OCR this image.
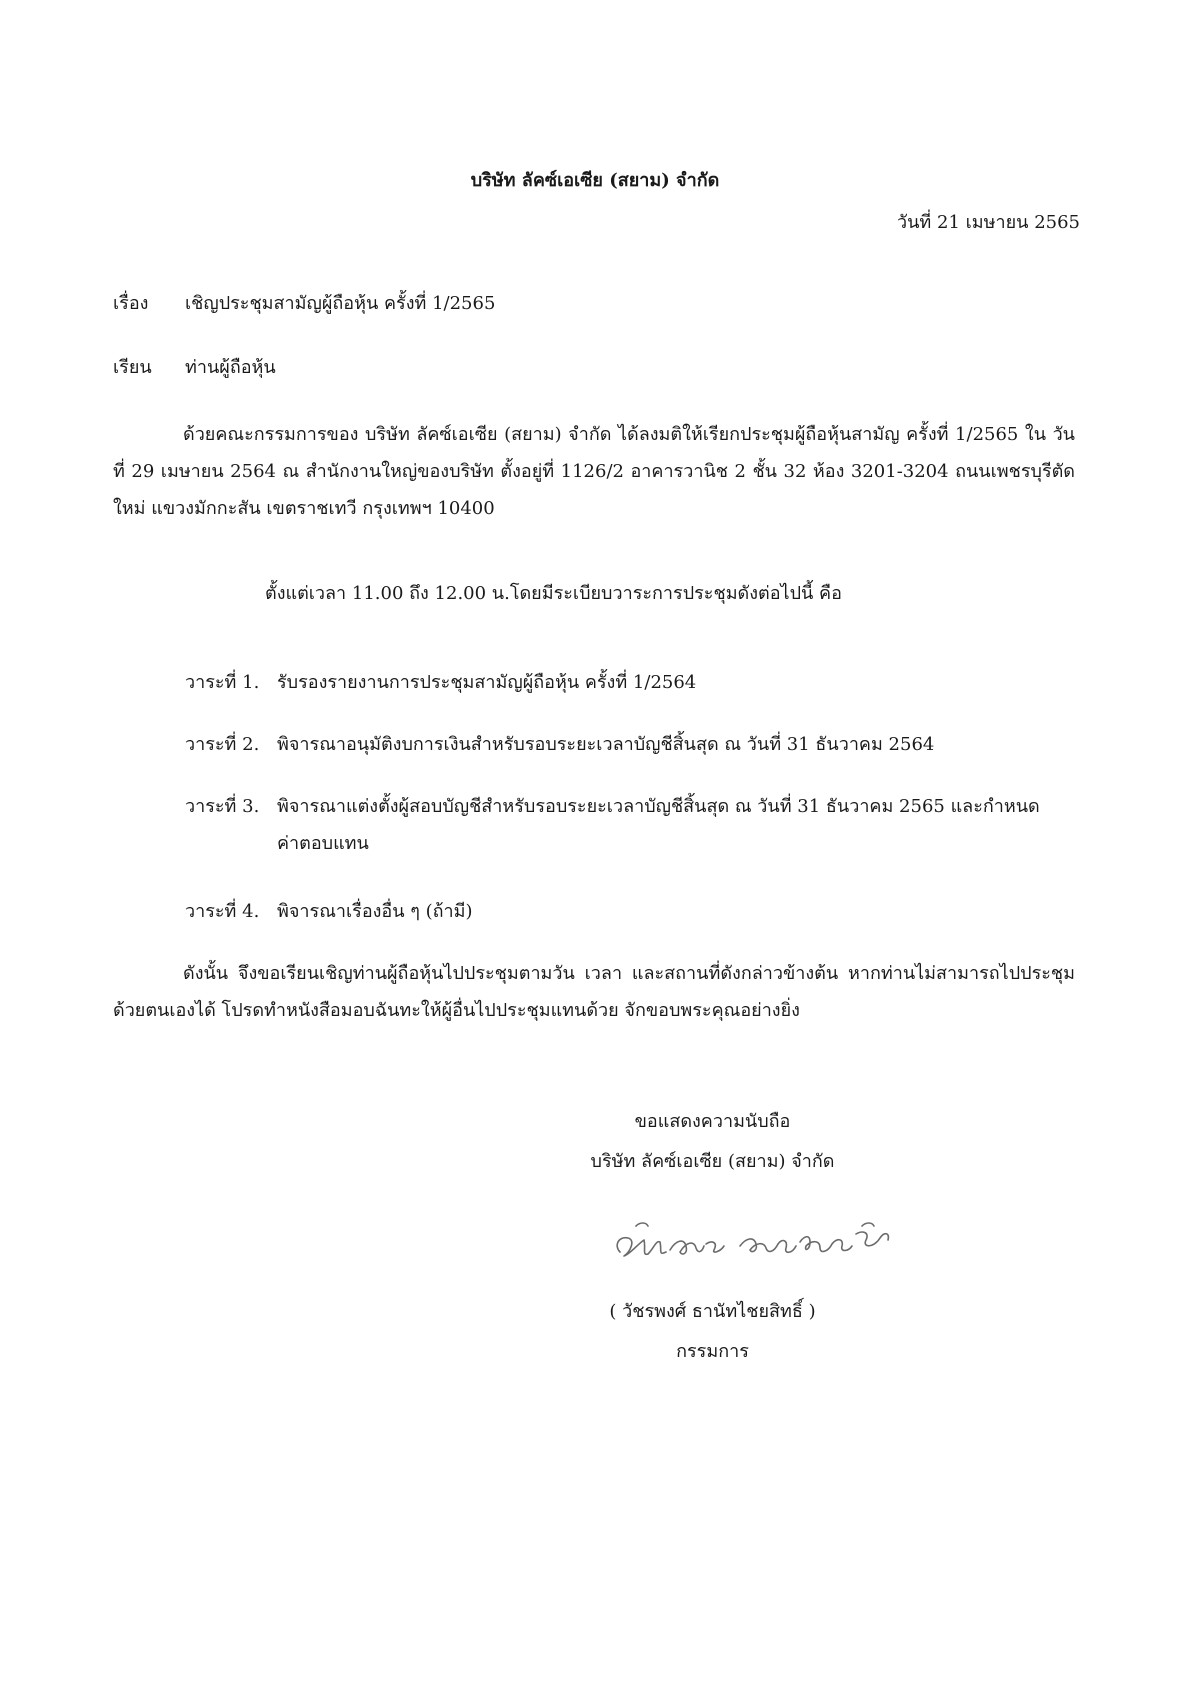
บริษัท ลัคซ์เอเซีย (สยาม) จำกัด
วันที่ 21 เมษายน 2565
เรื่อง เชิญประชุมสามัญผู้ถือหุ้น ครั้งที่ 1/2565
เรียน ท่านผู้ถือหุ้น
ด้วยคณะกรรมการของ บริษัท ลัคซ์เอเซีย (สยาม) จำกัด ได้ลงมติให้เรียกประชุมผู้ถือหุ้นสามัญ ครั้งที่ 1/2565 ใน วันที่ 29 เมษายน 2564 ณ สำนักงานใหญ่ของบริษัท ตั้งอยู่ที่ 1126/2 อาคารวานิช 2 ชั้น 32 ห้อง 3201-3204 ถนนเพชรบุรีตัดใหม่ แขวงมักกะสัน เขตราชเทวี กรุงเทพฯ 10400
ตั้งแต่เวลา 11.00 ถึง 12.00 น.โดยมีระเบียบวาระการประชุมดังต่อไปนี้ คือ
วาระที่ 1. รับรองรายงานการประชุมสามัญผู้ถือหุ้น ครั้งที่ 1/2564
วาระที่ 2. พิจารณาอนุมัติงบการเงินสำหรับรอบระยะเวลาบัญชีสิ้นสุด ณ วันที่ 31 ธันวาคม 2564
วาระที่ 3. พิจารณาแต่งตั้งผู้สอบบัญชีสำหรับรอบระยะเวลาบัญชีสิ้นสุด ณ วันที่ 31 ธันวาคม 2565 และกำหนด
ค่าตอบแทน
วาระที่ 4. พิจารณาเรื่องอื่น ๆ (ถ้ามี)
ดังนั้น จึงขอเรียนเชิญท่านผู้ถือหุ้นไปประชุมตามวัน เวลา และสถานที่ดังกล่าวข้างต้น หากท่านไม่สามารถไปประชุมด้วยตนเองได้ โปรดทำหนังสือมอบฉันทะให้ผู้อื่นไปประชุมแทนด้วย จักขอบพระคุณอย่างยิ่ง
ขอแสดงความนับถือ
บริษัท ลัคซ์เอเซีย (สยาม) จำกัด
( วัชรพงศ์ ธานัทไชยสิทธิ์ )
กรรมการ
